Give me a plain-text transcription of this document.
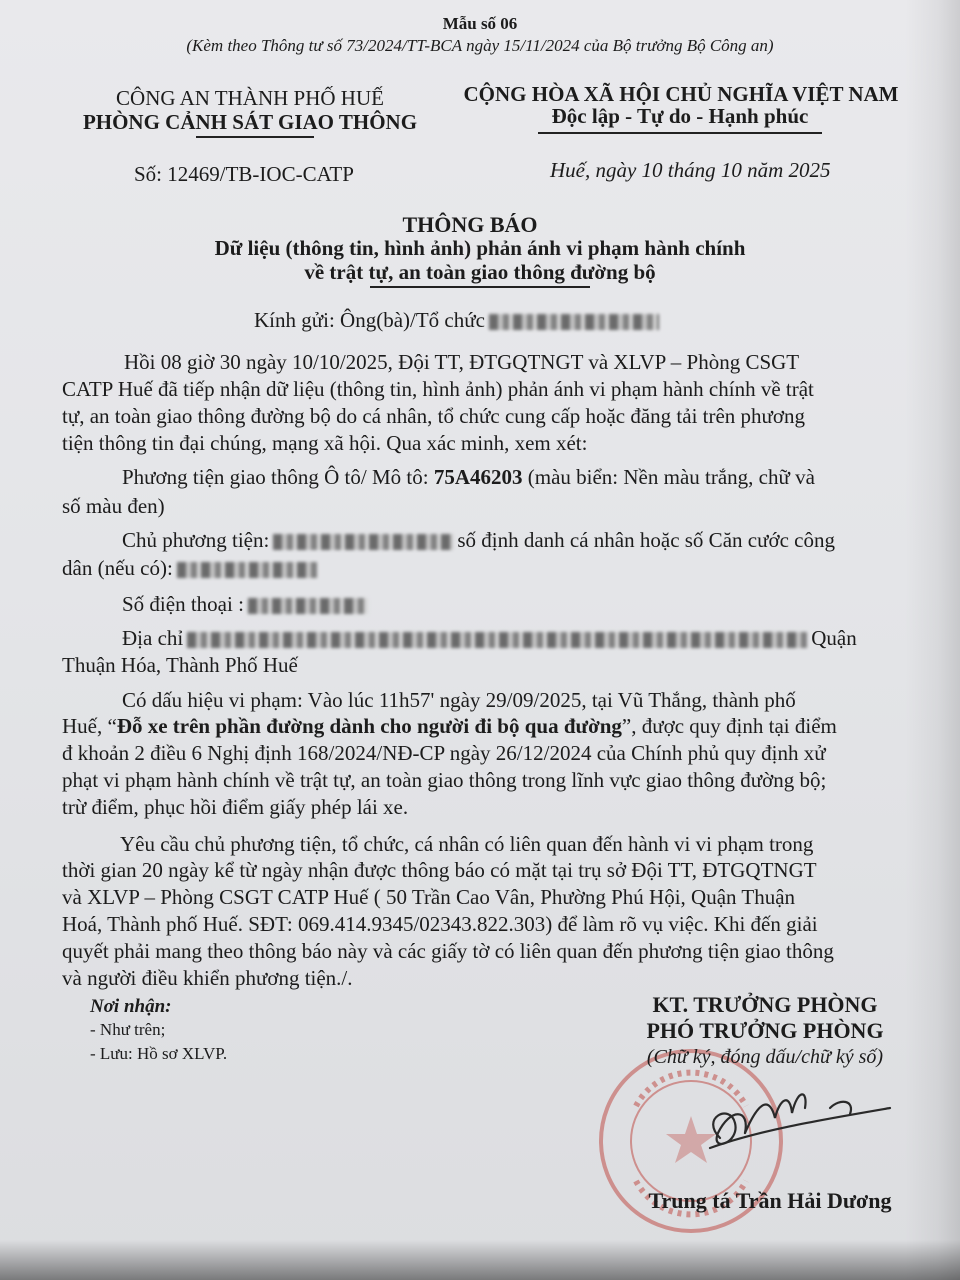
Mẫu số 06
(Kèm theo Thông tư số 73/2024/TT-BCA ngày 15/11/2024 của Bộ trưởng Bộ Công an)
CÔNG AN THÀNH PHỐ HUẾ
PHÒNG CẢNH SÁT GIAO THÔNG
CỘNG HÒA XÃ HỘI CHỦ NGHĨA VIỆT NAM
Độc lập - Tự do - Hạnh phúc
Số: 12469/TB-IOC-CATP	Huế, ngày 10 tháng 10 năm 2025
THÔNG BÁO
Dữ liệu (thông tin, hình ảnh) phản ánh vi phạm hành chính
về trật tự, an toàn giao thông đường bộ
Kính gửi: Ông(bà)/Tổ chức
Hồi 08 giờ 30 ngày 10/10/2025, Đội TT, ĐTGQTNGT và XLVP – Phòng CSGT
CATP Huế đã tiếp nhận dữ liệu (thông tin, hình ảnh) phản ánh vi phạm hành chính về trật
tự, an toàn giao thông đường bộ do cá nhân, tổ chức cung cấp hoặc đăng tải trên phương
tiện thông tin đại chúng, mạng xã hội. Qua xác minh, xem xét:
Phương tiện giao thông Ô tô/ Mô tô: 75A46203 (màu biển: Nền màu trắng, chữ và
số màu đen)
Chủ phương tiện:	số định danh cá nhân hoặc số Căn cước công
dân (nếu có):
Số điện thoại :
Địa chỉ	Quận
Thuận Hóa, Thành Phố Huế
Có dấu hiệu vi phạm: Vào lúc 11h57' ngày 29/09/2025, tại Vũ Thắng, thành phố
Huế, “Đỗ xe trên phần đường dành cho người đi bộ qua đường”, được quy định tại điểm
đ khoản 2 điều 6 Nghị định 168/2024/NĐ-CP ngày 26/12/2024 của Chính phủ quy định xử
phạt vi phạm hành chính về trật tự, an toàn giao thông trong lĩnh vực giao thông đường bộ;
trừ điểm, phục hồi điểm giấy phép lái xe.
Yêu cầu chủ phương tiện, tổ chức, cá nhân có liên quan đến hành vi vi phạm trong
thời gian 20 ngày kể từ ngày nhận được thông báo có mặt tại trụ sở Đội TT, ĐTGQTNGT
và XLVP – Phòng CSGT CATP Huế ( 50 Trần Cao Vân, Phường Phú Hội, Quận Thuận
Hoá, Thành phố Huế. SĐT: 069.414.9345/02343.822.303) để làm rõ vụ việc. Khi đến giải
quyết phải mang theo thông báo này và các giấy tờ có liên quan đến phương tiện giao thông
và người điều khiển phương tiện./.
Nơi nhận:
- Như trên;
- Lưu: Hồ sơ XLVP.
KT. TRƯỞNG PHÒNG
PHÓ TRƯỞNG PHÒNG
(Chữ ký, đóng dấu/chữ ký số)
Trung tá Trần Hải Dương
